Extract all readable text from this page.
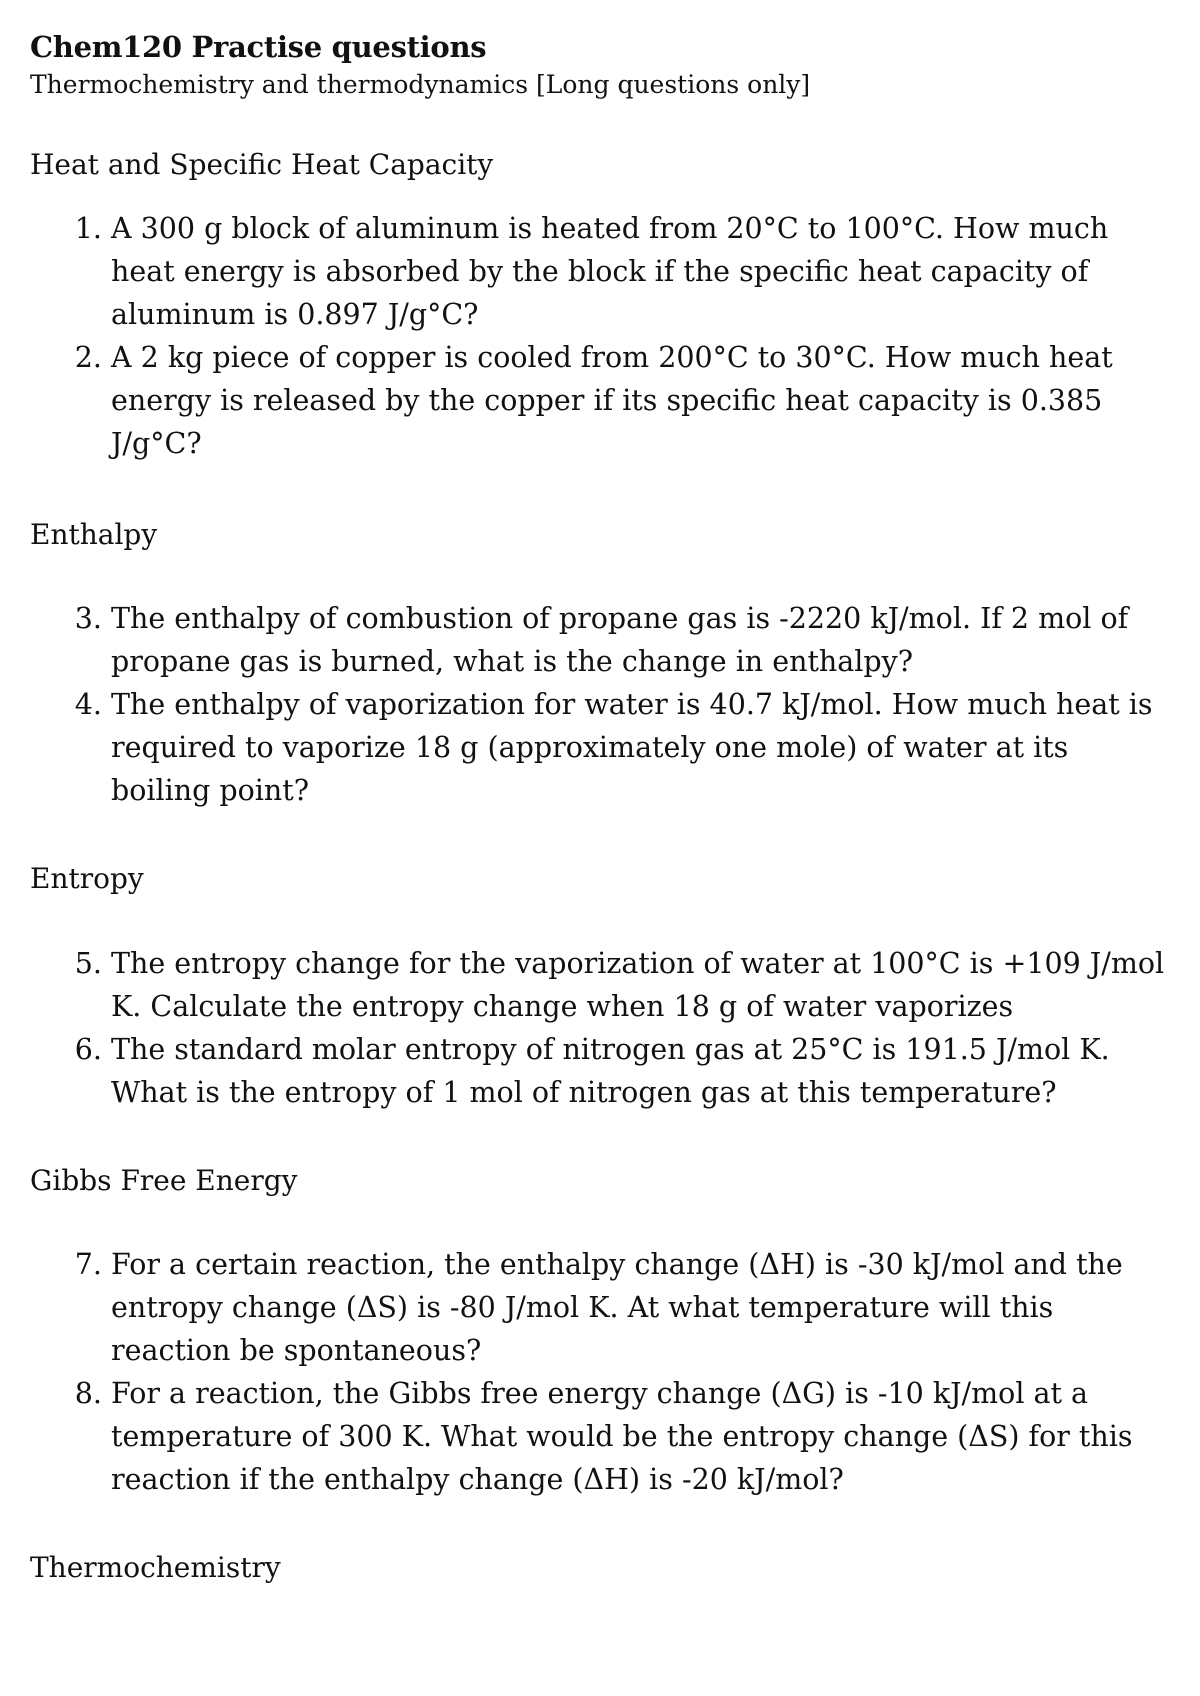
Chem120 Practise questions
Thermochemistry and thermodynamics [Long questions only]
Heat and Specific Heat Capacity
1. A 300 g block of aluminum is heated from 20°C to 100°C. How much heat energy is absorbed by the block if the specific heat capacity of aluminum is 0.897 J/g°C?
2. A 2 kg piece of copper is cooled from 200°C to 30°C. How much heat energy is released by the copper if its specific heat capacity is 0.385 J/g°C?
Enthalpy
3. The enthalpy of combustion of propane gas is -2220 kJ/mol. If 2 mol of propane gas is burned, what is the change in enthalpy?
4. The enthalpy of vaporization for water is 40.7 kJ/mol. How much heat is required to vaporize 18 g (approximately one mole) of water at its boiling point?
Entropy
5. The entropy change for the vaporization of water at 100°C is +109 J/mol K. Calculate the entropy change when 18 g of water vaporizes
6. The standard molar entropy of nitrogen gas at 25°C is 191.5 J/mol K. What is the entropy of 1 mol of nitrogen gas at this temperature?
Gibbs Free Energy
7. For a certain reaction, the enthalpy change (ΔH) is -30 kJ/mol and the entropy change (ΔS) is -80 J/mol K. At what temperature will this reaction be spontaneous?
8. For a reaction, the Gibbs free energy change (ΔG) is -10 kJ/mol at a temperature of 300 K. What would be the entropy change (ΔS) for this reaction if the enthalpy change (ΔH) is -20 kJ/mol?
Thermochemistry
